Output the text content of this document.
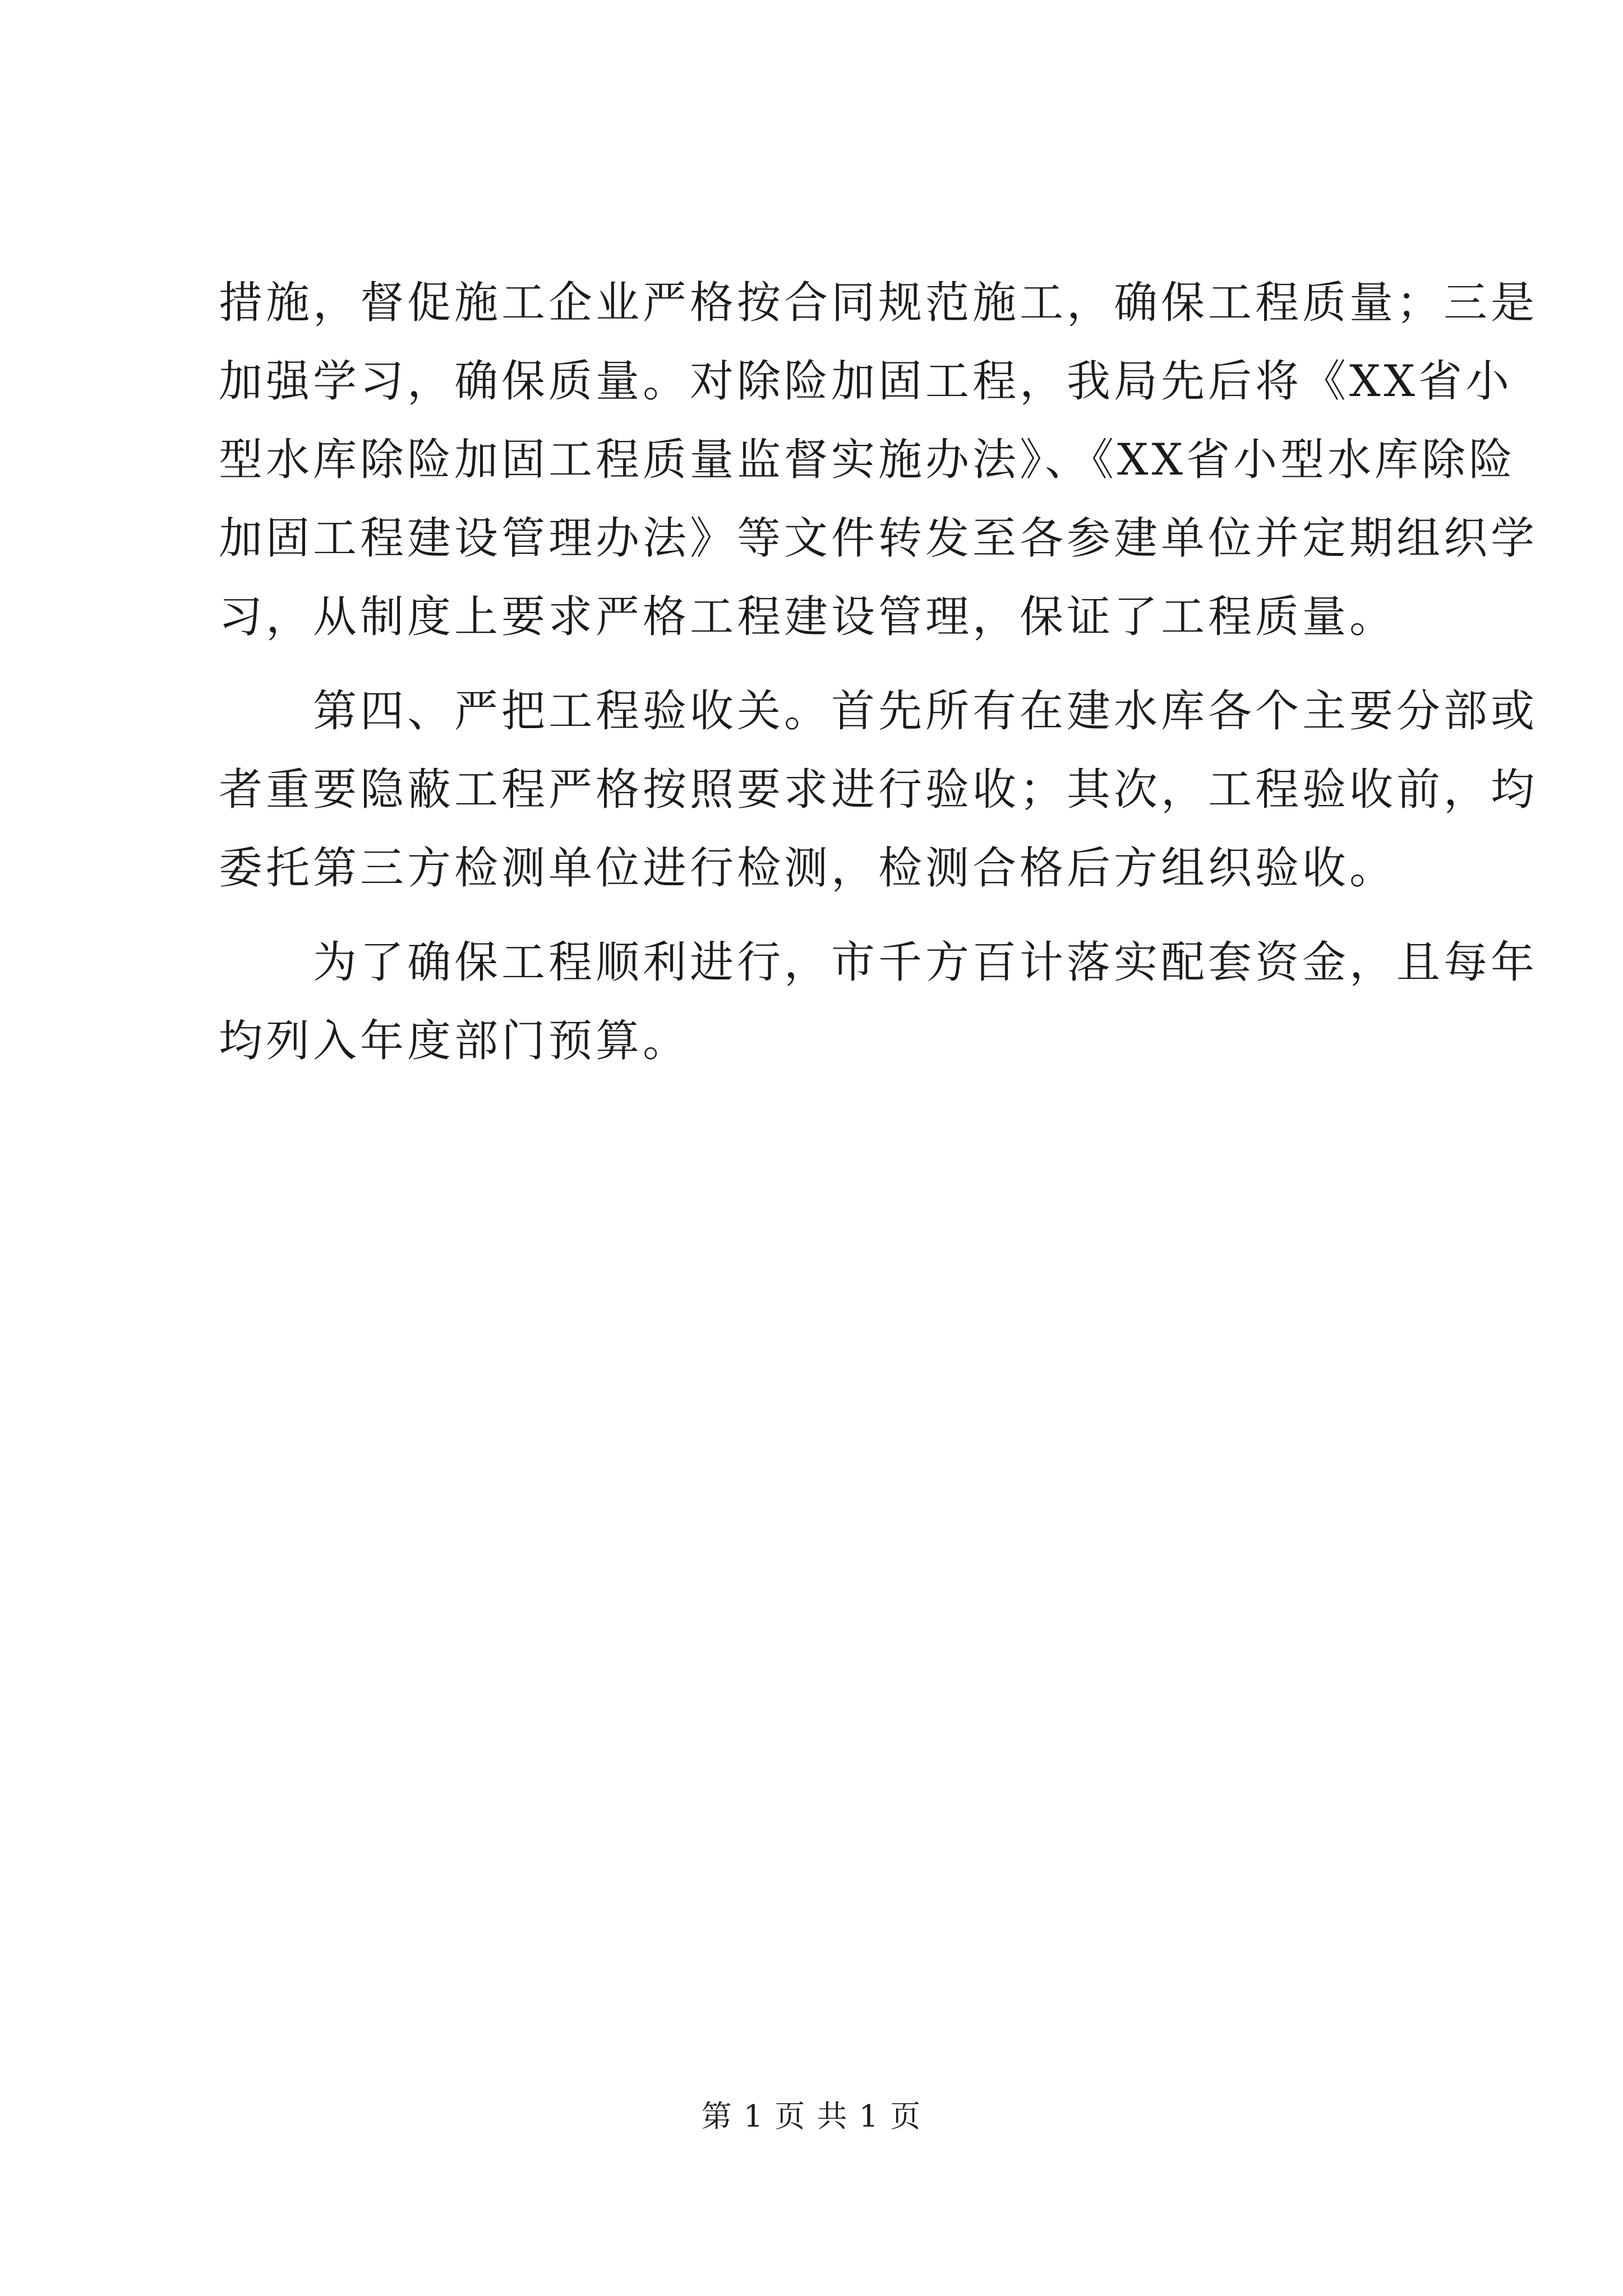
措施，督促施工企业严格按合同规范施工，确保工程质量；三是
加强学习，确保质量。对除险加固工程，我局先后将《XX省小
型水库除险加固工程质量监督实施办法》、《XX省小型水库除险
加固工程建设管理办法》等文件转发至各参建单位并定期组织学
习，从制度上要求严格工程建设管理，保证了工程质量。
　　第四、严把工程验收关。首先所有在建水库各个主要分部或
者重要隐蔽工程严格按照要求进行验收；其次，工程验收前，均
委托第三方检测单位进行检测，检测合格后方组织验收。
　　为了确保工程顺利进行，市千方百计落实配套资金，且每年
均列入年度部门预算。
第 1 页 共 1 页
